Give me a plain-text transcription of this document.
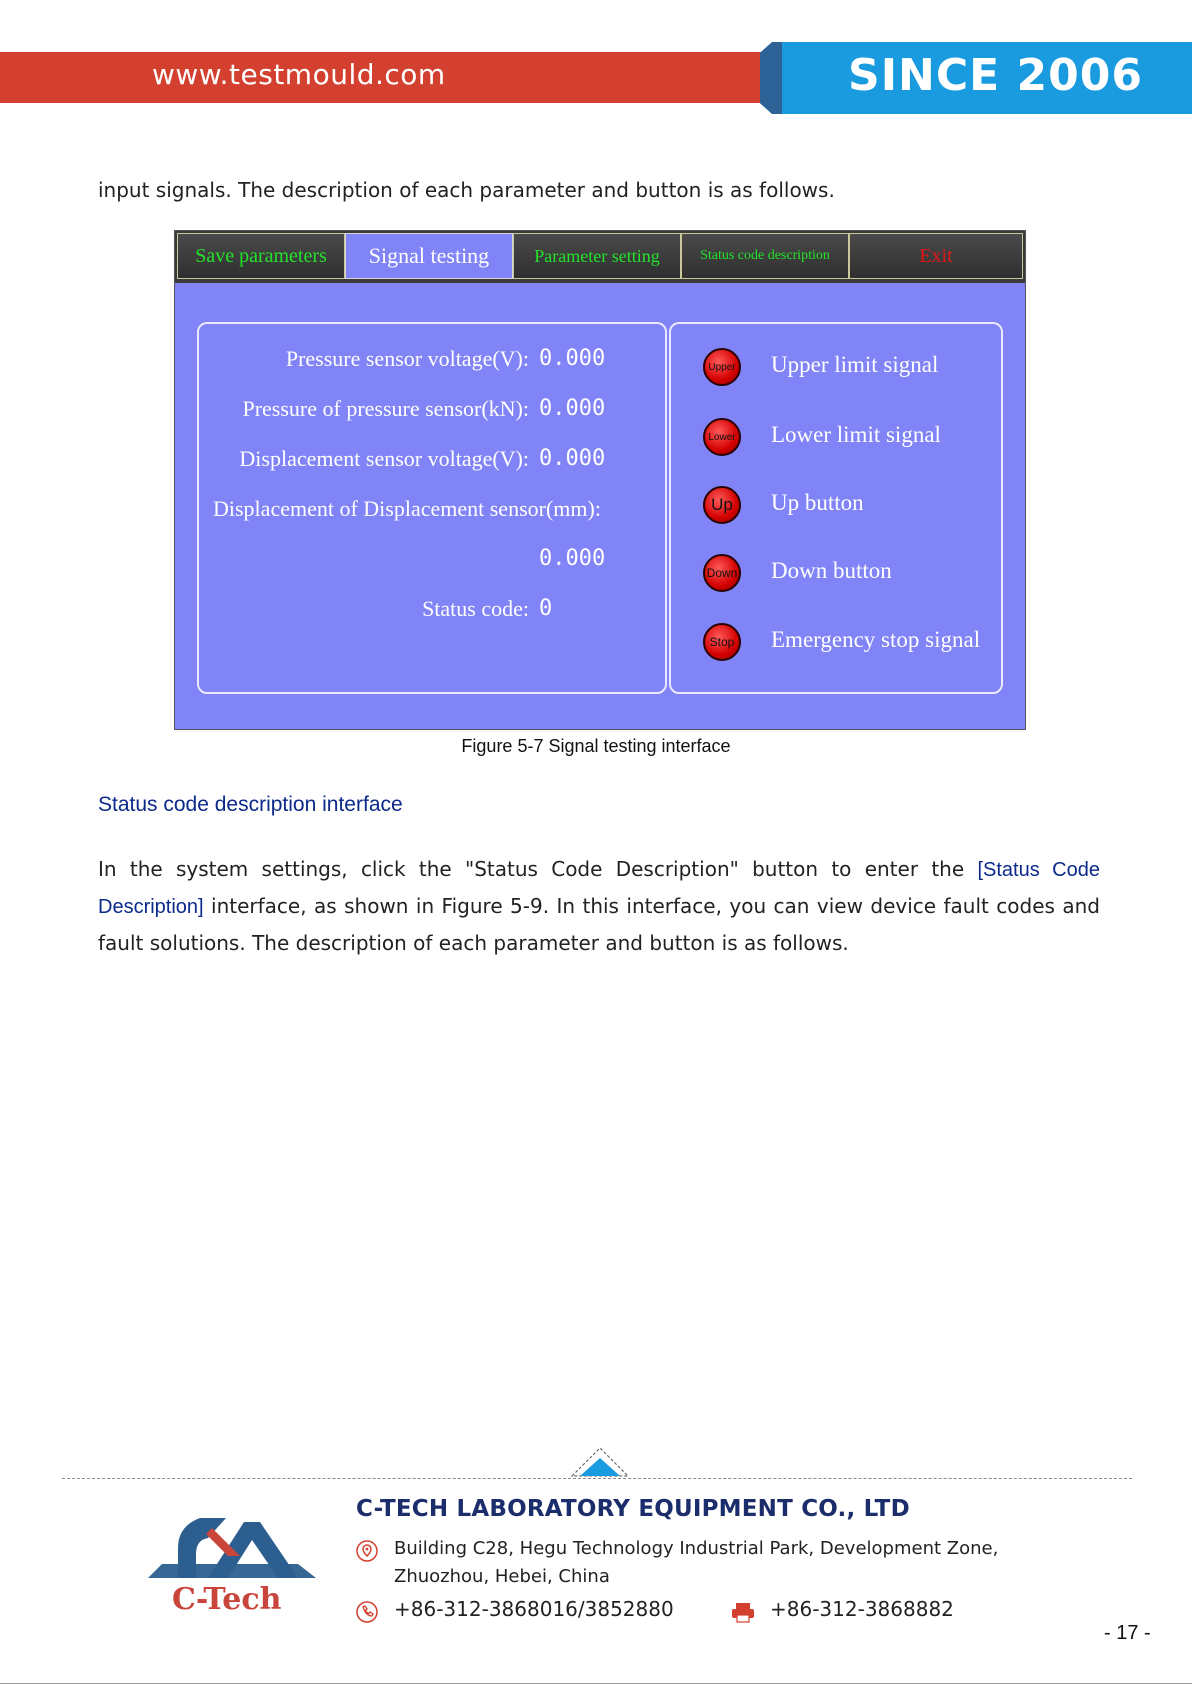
www.testmould.com	SINCE 2006
input signals. The description of each parameter and button is as follows.
Save parameters	Signal testing	Parameter setting	Status code description	Exit
Pressure sensor voltage(V): 0.000
Pressure of pressure sensor(kN): 0.000
Displacement sensor voltage(V): 0.000
Displacement of Displacement sensor(mm):
0.000
Status code: 0
Upper Upper limit signal
Lower Lower limit signal
Up	Up button
Down Down button
Stop Emergency stop signal
Figure 5-7 Signal testing interface
Status code description interface
In the system settings, click the "Status Code Description" button to enter the [Status Code Description] interface, as shown in Figure 5-9. In this interface, you can view device fault codes and fault solutions. The description of each parameter and button is as follows.
C-Tech
C-TECH LABORATORY EQUIPMENT CO., LTD
Building C28, Hegu Technology Industrial Park, Development Zone,
Zhuozhou, Hebei, China
+86-312-3868016/3852880	+86-312-3868882
- 17 -
